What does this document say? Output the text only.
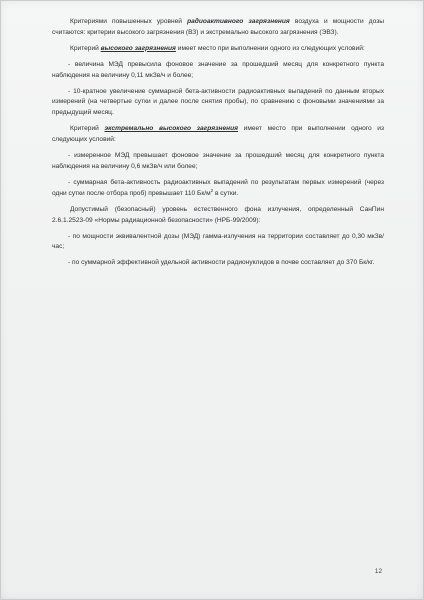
Критериями повышенных уровней радиоактивного загрязнения воздуха и мощности дозы считаются: критерии высокого загрязнения (ВЗ) и экстремально высокого загрязнения (ЭВЗ).

Критерий высокого загрязнения имеет место при выполнении одного из следующих условий:

- величина МЭД превысила фоновое значение за прошедший месяц для конкретного пункта наблюдения на величину 0,11 мкЗв/ч и более;

- 10-кратное увеличение суммарной бета-активности радиоактивных выпадений по данным вторых измерений (на четвертые сутки и далее после снятия пробы), по сравнению с фоновыми значениями за предыдущий месяц.

Критерий экстремально высокого загрязнения имеет место при выполнении одного из следующих условий:

- измеренное МЭД превышает фоновое значение за прошедший месяц для конкретного пункта наблюдения на величину 0,6 мкЗв/ч или более;

- суммарная бета-активность радиоактивных выпадений по результатам первых измерений (через одни сутки после отбора проб) превышает 110 $Бк/м^2$ в сутки.

Допустимый (безопасный) уровень естественного фона излучения, определенный СанПин 2.6.1.2523-09 «Нормы радиационной безопасности» (НРБ-99/2009):

- по мощности эквивалентной дозы (МЭД) гамма-излучения на территории составляет до 0,30 мкЗв/час;

- по суммарной эффективной удельной активности радионуклидов в почве составляет до 370 Бк/кг.

12
